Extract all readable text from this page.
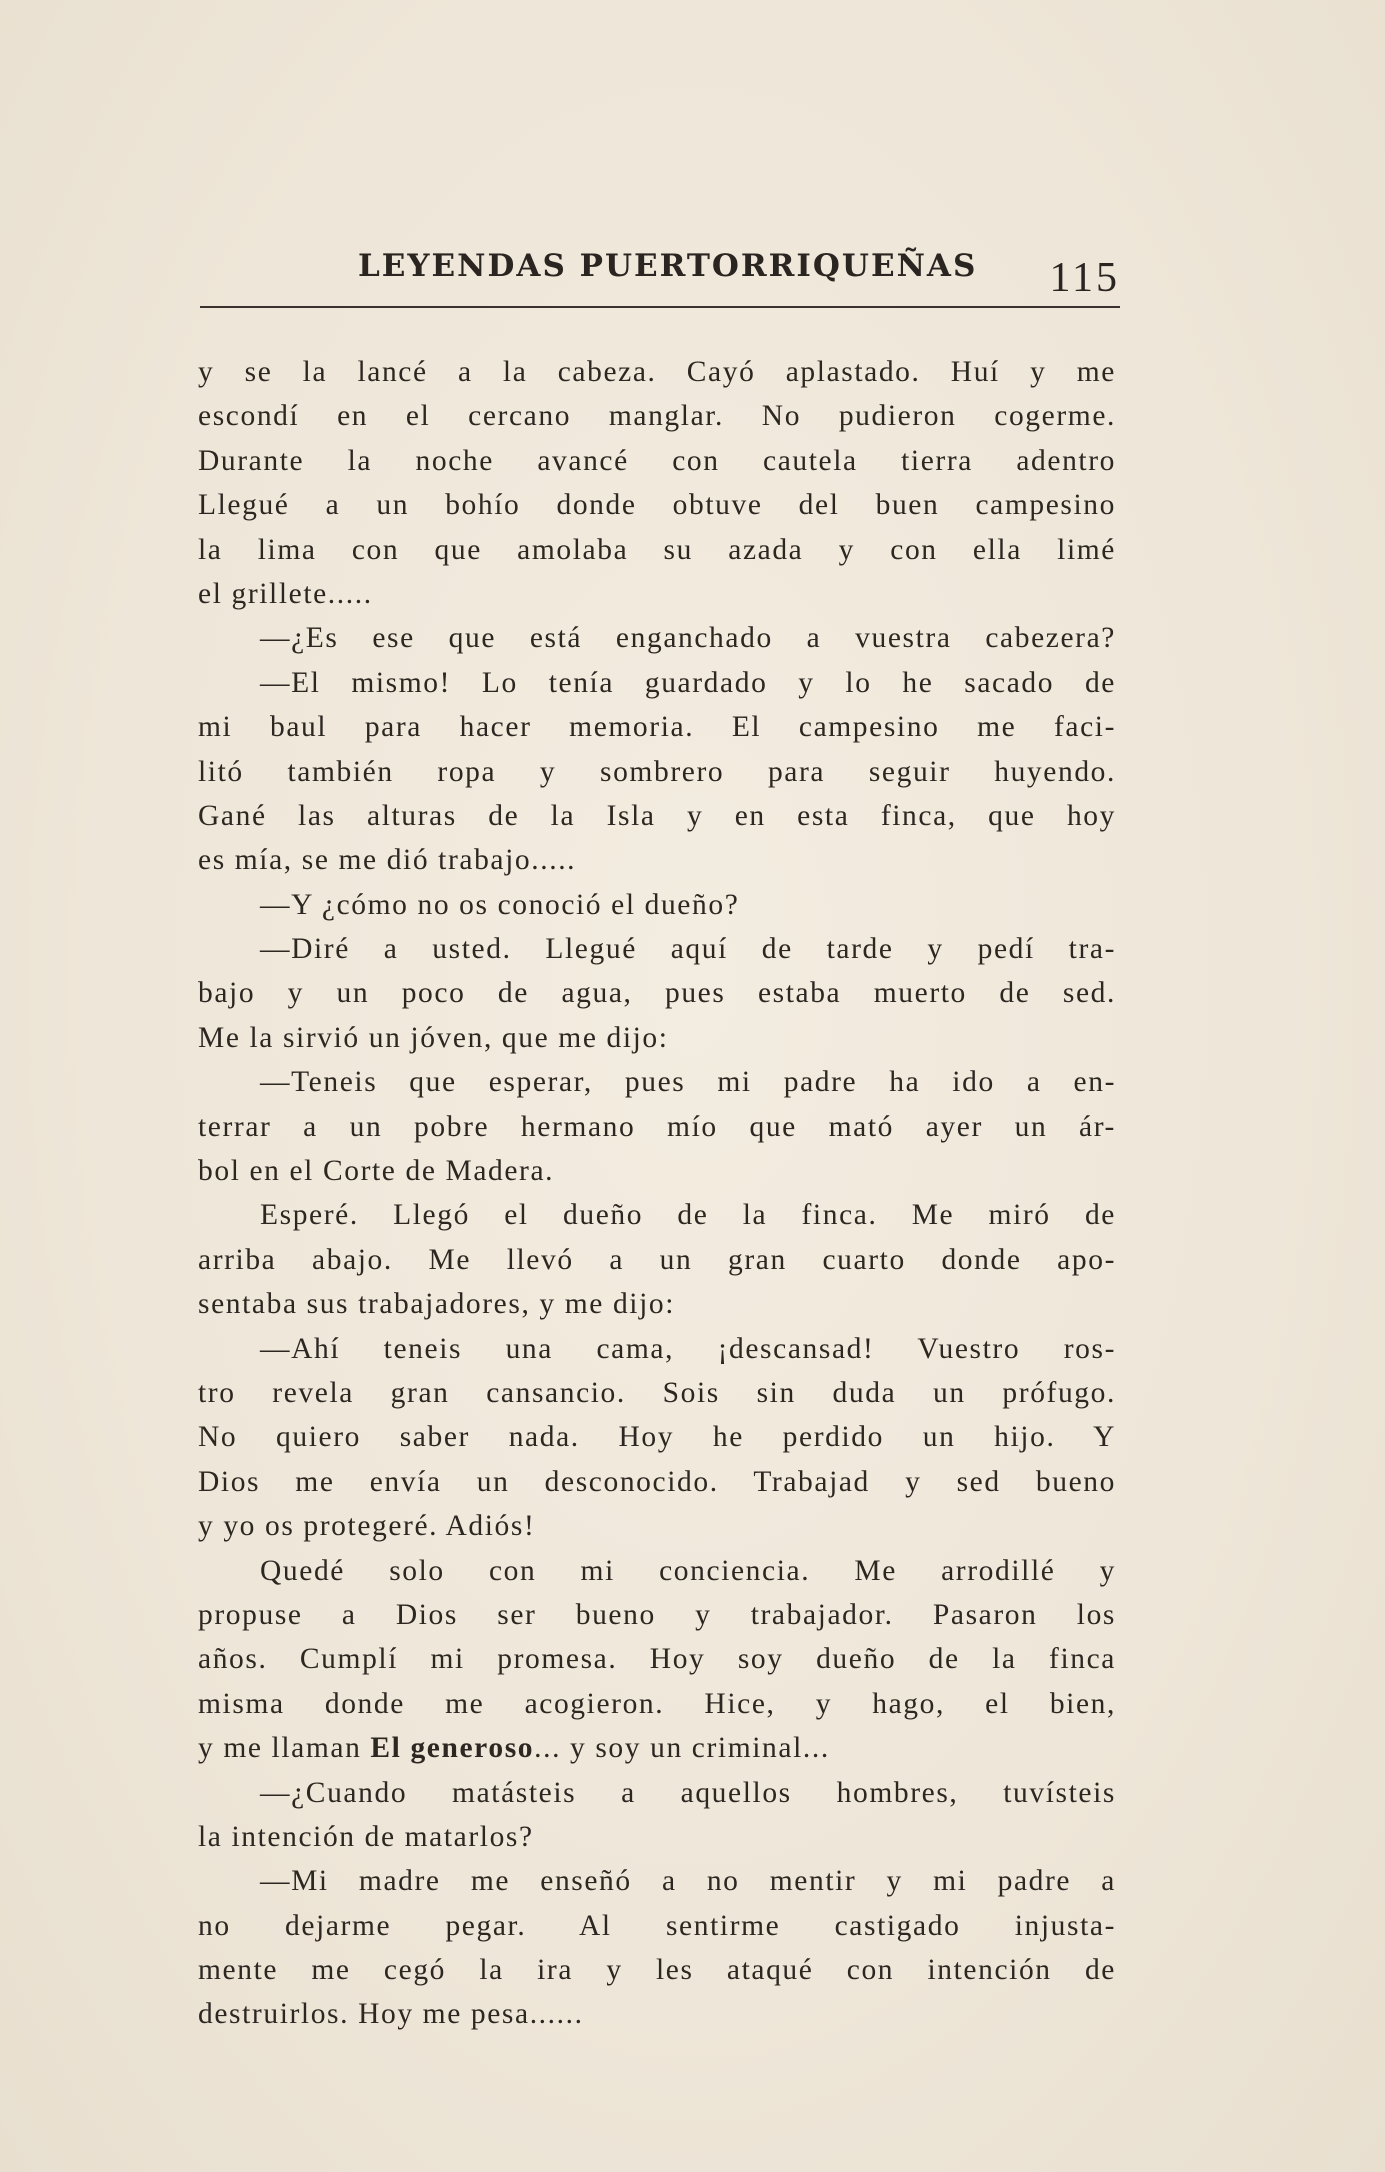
LEYENDAS PUERTORRIQUEÑAS 115
y se la lancé a la cabeza. Cayó aplastado. Huí y me
escondí en el cercano manglar. No pudieron cogerme.
Durante la noche avancé con cautela tierra adentro
Llegué a un bohío donde obtuve del buen campesino
la lima con que amolaba su azada y con ella limé
el grillete.....
—¿Es ese que está enganchado a vuestra cabezera?
—El mismo! Lo tenía guardado y lo he sacado de
mi baul para hacer memoria. El campesino me faci-
litó también ropa y sombrero para seguir huyendo.
Gané las alturas de la Isla y en esta finca, que hoy
es mía, se me dió trabajo.....
—Y ¿cómo no os conoció el dueño?
—Diré a usted. Llegué aquí de tarde y pedí tra-
bajo y un poco de agua, pues estaba muerto de sed.
Me la sirvió un jóven, que me dijo:
—Teneis que esperar, pues mi padre ha ido a en-
terrar a un pobre hermano mío que mató ayer un ár-
bol en el Corte de Madera.
Esperé. Llegó el dueño de la finca. Me miró de
arriba abajo. Me llevó a un gran cuarto donde apo-
sentaba sus trabajadores, y me dijo:
—Ahí teneis una cama, ¡descansad! Vuestro ros-
tro revela gran cansancio. Sois sin duda un prófugo.
No quiero saber nada. Hoy he perdido un hijo. Y
Dios me envía un desconocido. Trabajad y sed bueno
y yo os protegeré. Adiós!
Quedé solo con mi conciencia. Me arrodillé y
propuse a Dios ser bueno y trabajador. Pasaron los
años. Cumplí mi promesa. Hoy soy dueño de la finca
misma donde me acogieron. Hice, y hago, el bien,
y me llaman El generoso... y soy un criminal...
—¿Cuando matásteis a aquellos hombres, tuvísteis
la intención de matarlos?
—Mi madre me enseñó a no mentir y mi padre a
no dejarme pegar. Al sentirme castigado injusta-
mente me cegó la ira y les ataqué con intención de
destruirlos. Hoy me pesa......
